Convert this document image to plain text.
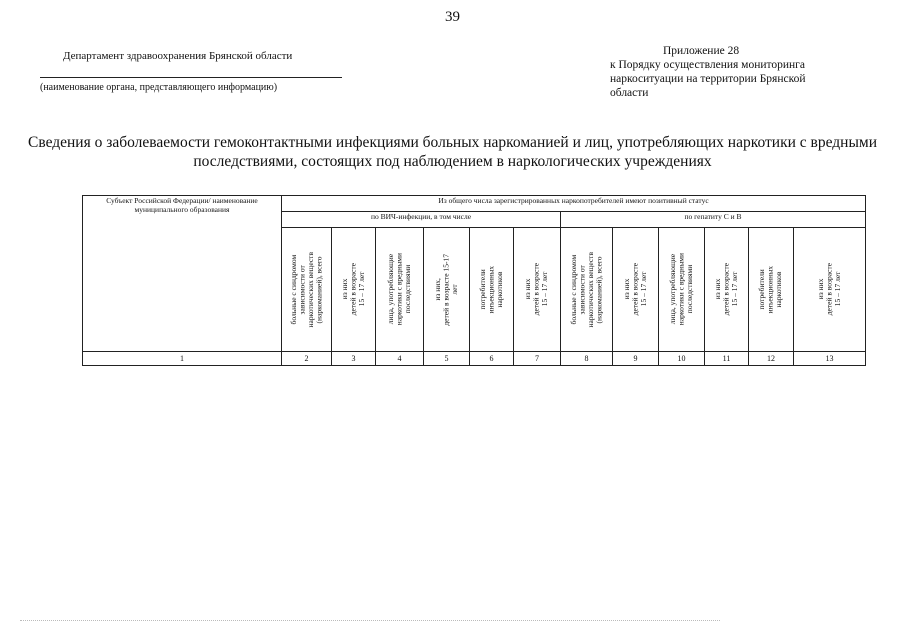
39
Департамент здравоохранения Брянской области
(наименование органа, представляющего информацию)
Приложение 28
к Порядку осуществления мониторинга
наркоситуации на территории Брянской
области
Сведения о заболеваемости гемоконтактными инфекциями больных наркоманией и лиц, употребляющих наркотики с вредными последствиями, состоящих под наблюдением в наркологических учреждениях
Субъект Российской Федерации/ наименование муниципального образования	Из общего числа зарегистрированных наркопотребителей имеют позитивный статус											
	по ВИЧ-инфекции, в том числе						по гепатиту С и В					

	больные с синдромом
зависимости от
наркотических веществ
(наркоманией), всего	из них
детей в возрасте
15 – 17 лет	лица, употребляющие
наркотики с вредными
последствиями	из них,
детей в возрасте 15-17
лет	потребители
инъекционных
наркотиков	из них
детей в возрасте
15 – 17 лет	больные с синдромом
зависимости от
наркотических веществ
(наркоманией), всего	из них
детей в возрасте
15 – 17 лет	лица, употребляющие
наркотики с вредными
последствиями	из них
детей в возрасте
15 – 17 лет	потребители
инъекционных
наркотиков	из них
детей в возрасте
15 – 17 лет

1	2	3	4	5	6	7	8	9	10	11	12	13
